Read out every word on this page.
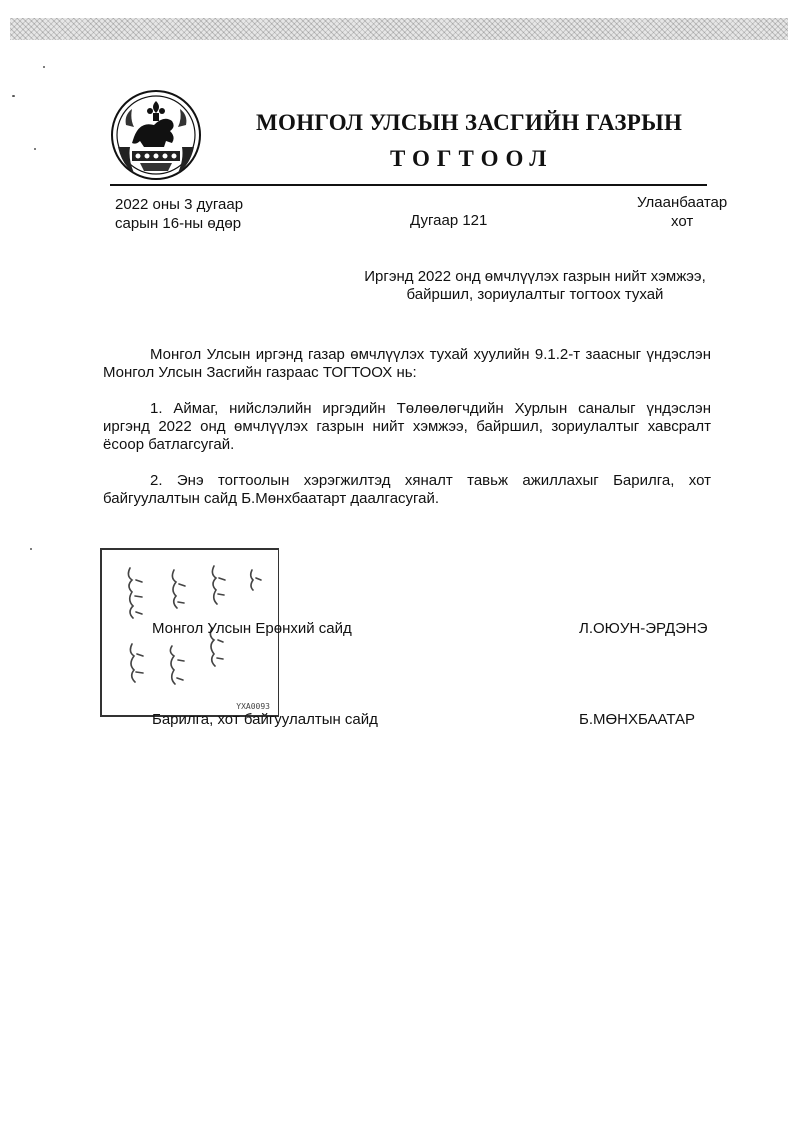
МОНГОЛ УЛСЫН ЗАСГИЙН ГАЗРЫН
ТОГТООЛ
2022 оны 3 дугаар
сарын 16-ны өдөр	Дугаар 121
Улаанбаатар
хот
Иргэнд 2022 онд өмчлүүлэх газрын нийт хэмжээ,
байршил, зориулалтыг тогтоох тухай
Монгол Улсын иргэнд газар өмчлүүлэх тухай хуулийн 9.1.2-т заасныг үндэслэн Монгол Улсын Засгийн газраас ТОГТООХ нь:
1. Аймаг, нийслэлийн иргэдийн Төлөөлөгчдийн Хурлын саналыг үндэслэн иргэнд 2022 онд өмчлүүлэх газрын нийт хэмжээ, байршил, зориулалтыг хавсралт ёсоор батлагсугай.
2. Энэ тогтоолын хэрэгжилтэд хяналт тавьж ажиллахыг Барилга, хот байгуулалтын сайд Б.Мөнхбаатарт даалгасугай.
YXA0093
Монгол Улсын Ерөнхий сайд	Л.ОЮУН-ЭРДЭНЭ
Барилга, хот байгуулалтын сайд	Б.МӨНХБААТАР
